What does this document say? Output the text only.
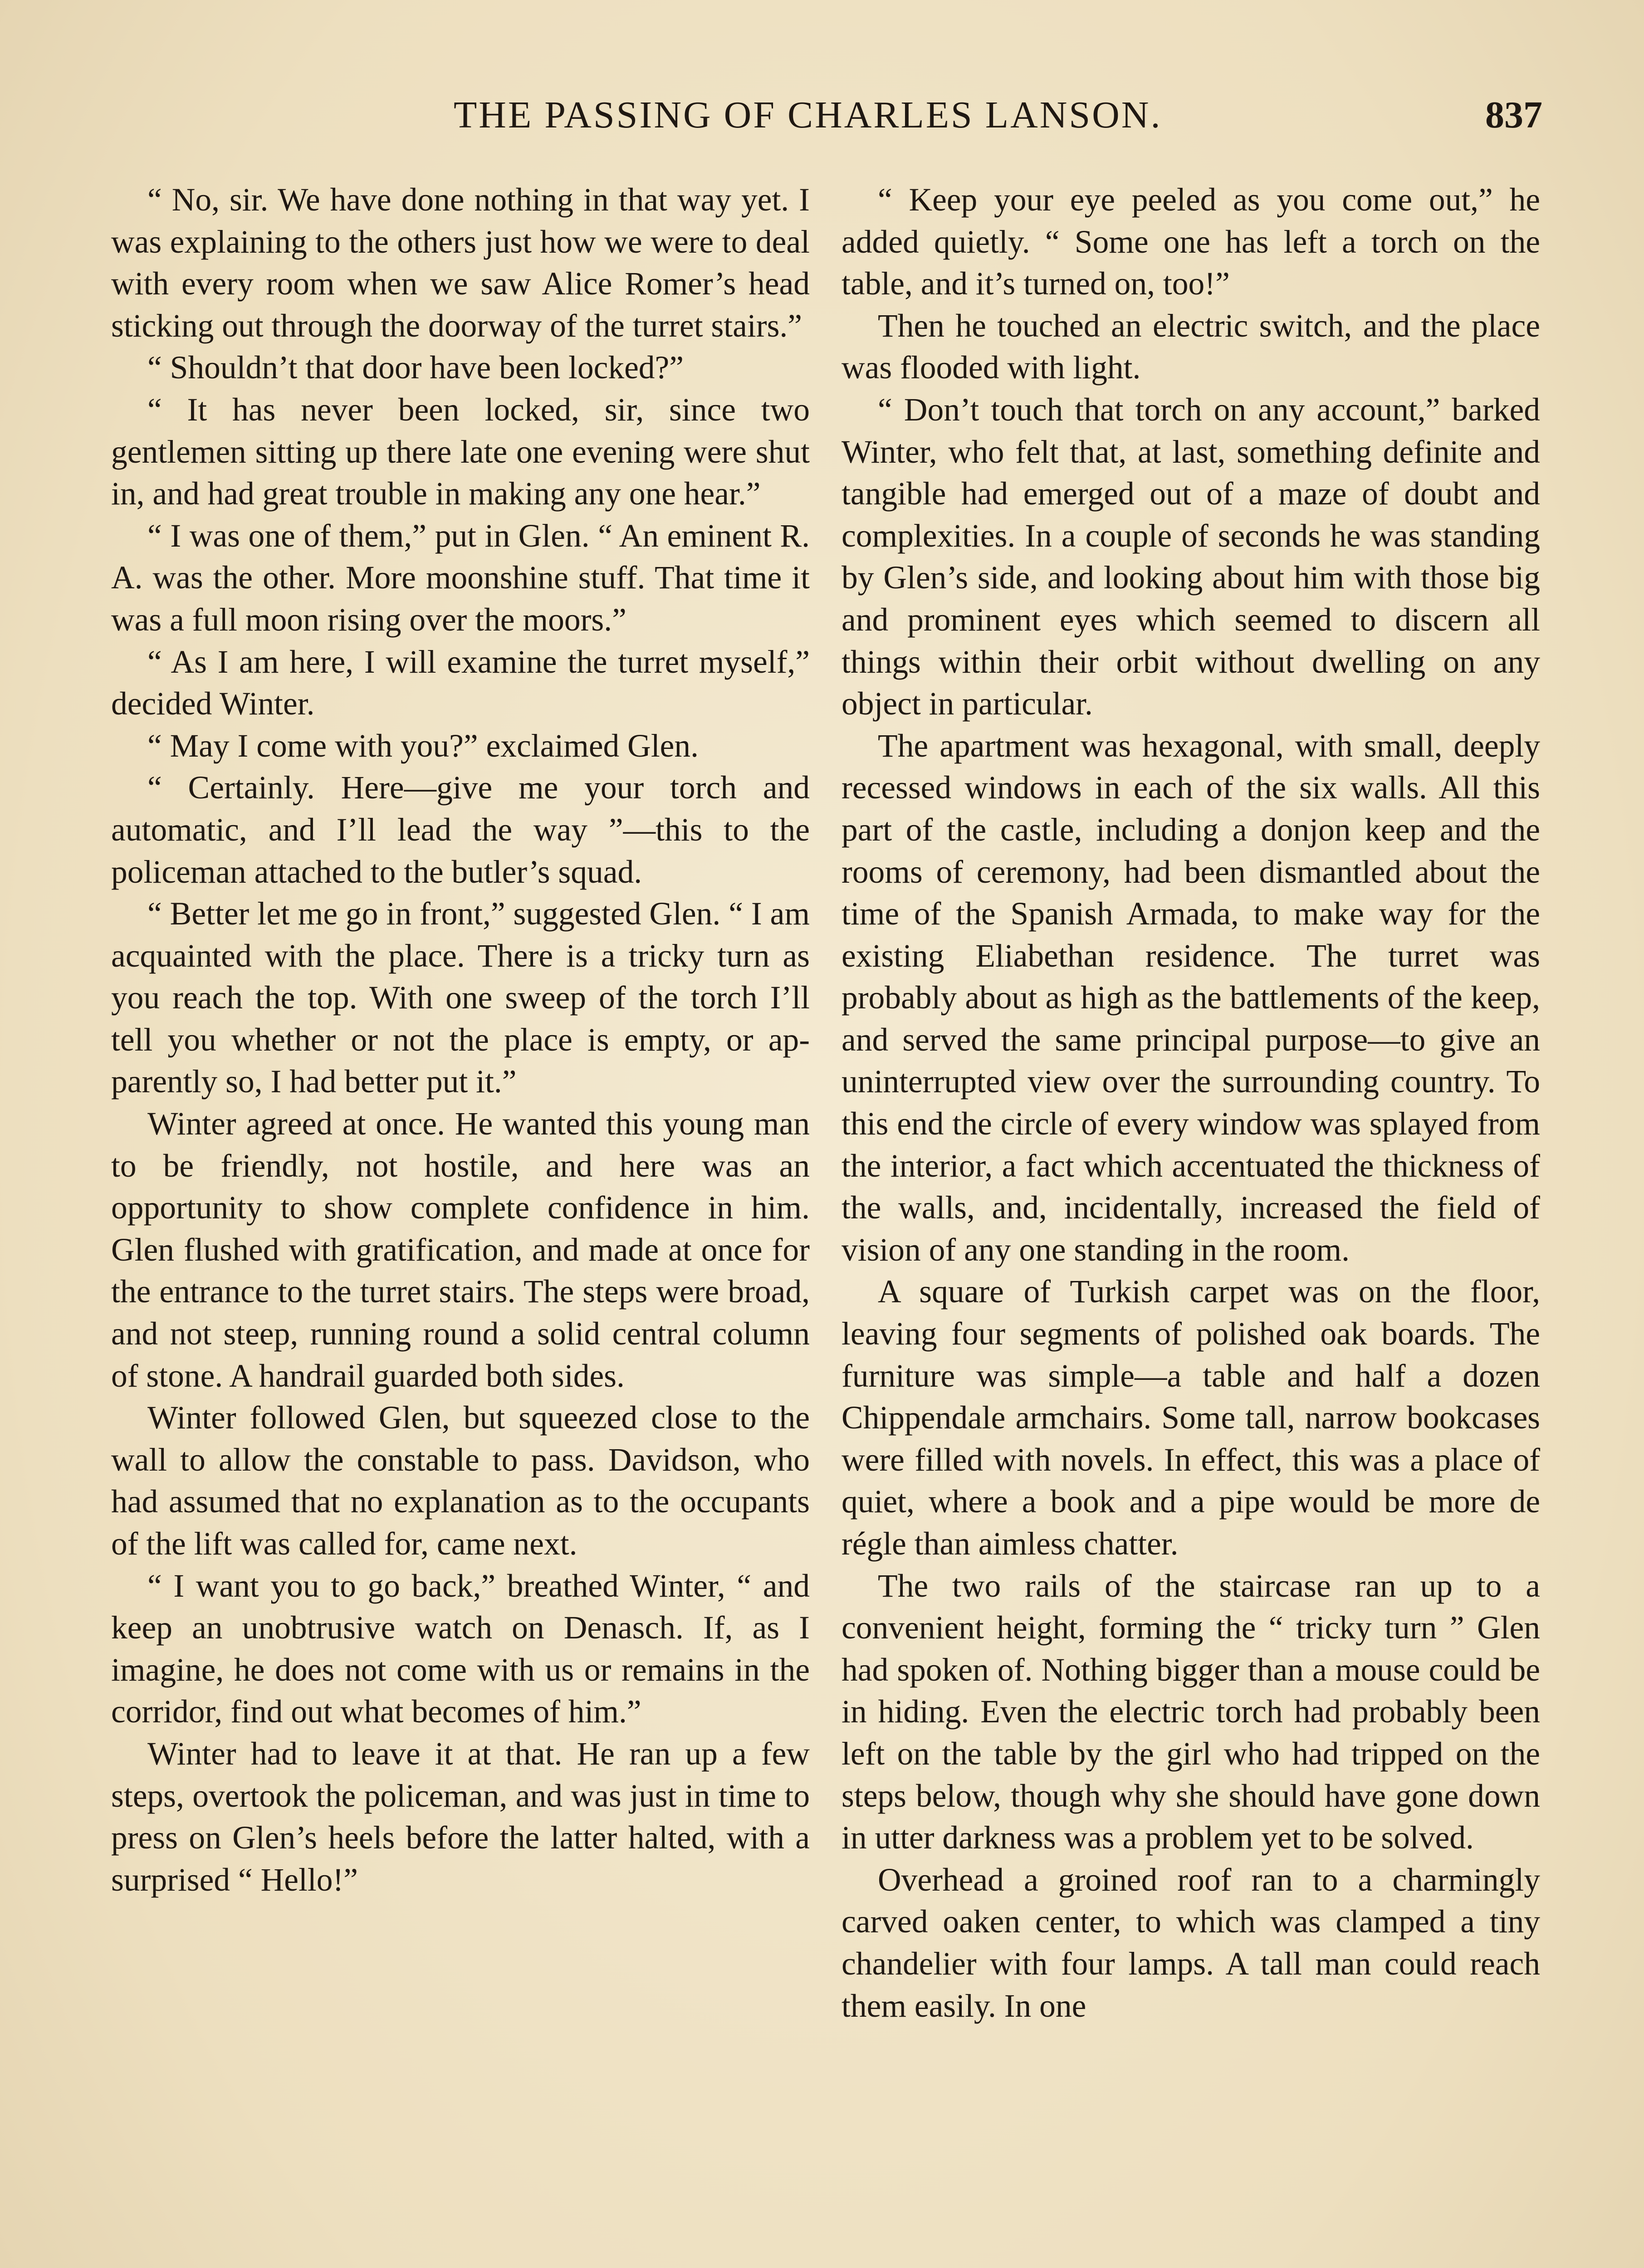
THE PASSING OF CHARLES LANSON.	837

“ No, sir. We have done nothing in that way yet. I was explaining to the others just how we were to deal with every room when we saw Alice Romer’s head sticking out through the doorway of the turret stairs.”

“ Shouldn’t that door have been locked?”

“ It has never been locked, sir, since two gentlemen sitting up there late one evening were shut in, and had great trouble in making any one hear.”

“ I was one of them,” put in Glen. “ An eminent R. A. was the other. More moonshine stuff. That time it was a full moon rising over the moors.”

“ As I am here, I will examine the turret myself,” decided Winter.

“ May I come with you?” exclaimed Glen.

“ Certainly. Here—give me your torch and automatic, and I’ll lead the way ”—this to the policeman attached to the butler’s squad.

“ Better let me go in front,” suggested Glen. “ I am acquainted with the place. There is a tricky turn as you reach the top. With one sweep of the torch I’ll tell you whether or not the place is empty, or apparently so, I had better put it.”

Winter agreed at once. He wanted this young man to be friendly, not hostile, and here was an opportunity to show complete confidence in him. Glen flushed with gratification, and made at once for the entrance to the turret stairs. The steps were broad, and not steep, running round a solid central column of stone. A handrail guarded both sides.

Winter followed Glen, but squeezed close to the wall to allow the constable to pass. Davidson, who had assumed that no explanation as to the occupants of the lift was called for, came next.

“ I want you to go back,” breathed Winter, “ and keep an unobtrusive watch on Denasch. If, as I imagine, he does not come with us or remains in the corridor, find out what becomes of him.”

Winter had to leave it at that. He ran up a few steps, overtook the policeman, and was just in time to press on Glen’s heels before the latter halted, with a surprised “ Hello!”

“ Keep your eye peeled as you come out,” he added quietly. “ Some one has left a torch on the table, and it’s turned on, too!”

Then he touched an electric switch, and the place was flooded with light.

“ Don’t touch that torch on any account,” barked Winter, who felt that, at last, something definite and tangible had emerged out of a maze of doubt and complexities. In a couple of seconds he was standing by Glen’s side, and looking about him with those big and prominent eyes which seemed to discern all things within their orbit without dwelling on any object in particular.

The apartment was hexagonal, with small, deeply recessed windows in each of the six walls. All this part of the castle, including a donjon keep and the rooms of ceremony, had been dismantled about the time of the Spanish Armada, to make way for the existing Eliabethan residence. The turret was probably about as high as the battlements of the keep, and served the same principal purpose—to give an uninterrupted view over the surrounding country. To this end the circle of every window was splayed from the interior, a fact which accentuated the thickness of the walls, and, incidentally, increased the field of vision of any one standing in the room.

A square of Turkish carpet was on the floor, leaving four segments of polished oak boards. The furniture was simple—a table and half a dozen Chippendale armchairs. Some tall, narrow bookcases were filled with novels. In effect, this was a place of quiet, where a book and a pipe would be more de régle than aimless chatter.

The two rails of the staircase ran up to a convenient height, forming the “ tricky turn ” Glen had spoken of. Nothing bigger than a mouse could be in hiding. Even the electric torch had probably been left on the table by the girl who had tripped on the steps below, though why she should have gone down in utter darkness was a problem yet to be solved.

Overhead a groined roof ran to a charmingly carved oaken center, to which was clamped a tiny chandelier with four lamps. A tall man could reach them easily. In one
